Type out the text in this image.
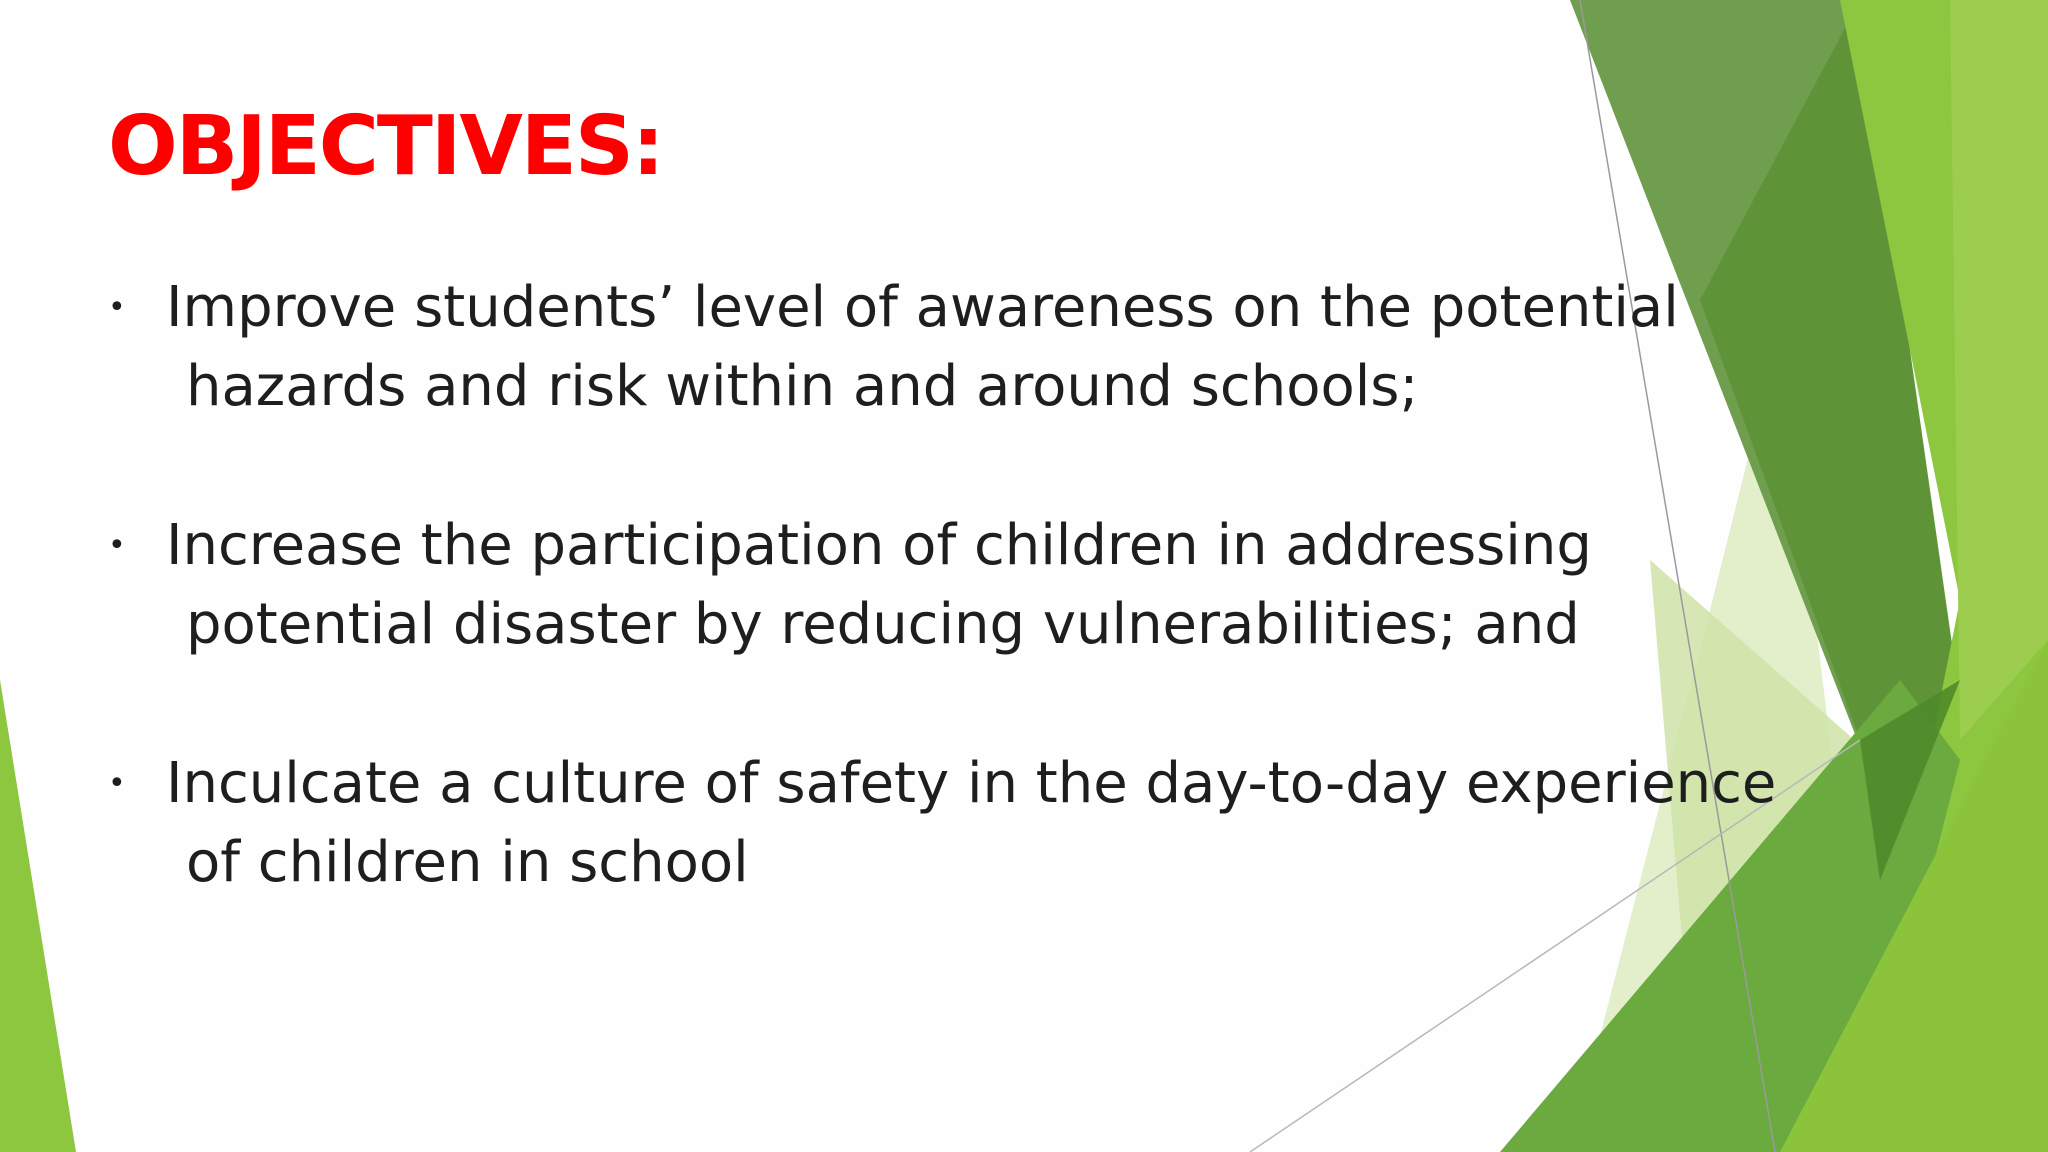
OBJECTIVES:
• Improve students’ level of awareness on the potential
hazards and risk within and around schools;
• Increase the participation of children in addressing
potential disaster by reducing vulnerabilities; and
• Inculcate a culture of safety in the day-to-day experience
of children in school
